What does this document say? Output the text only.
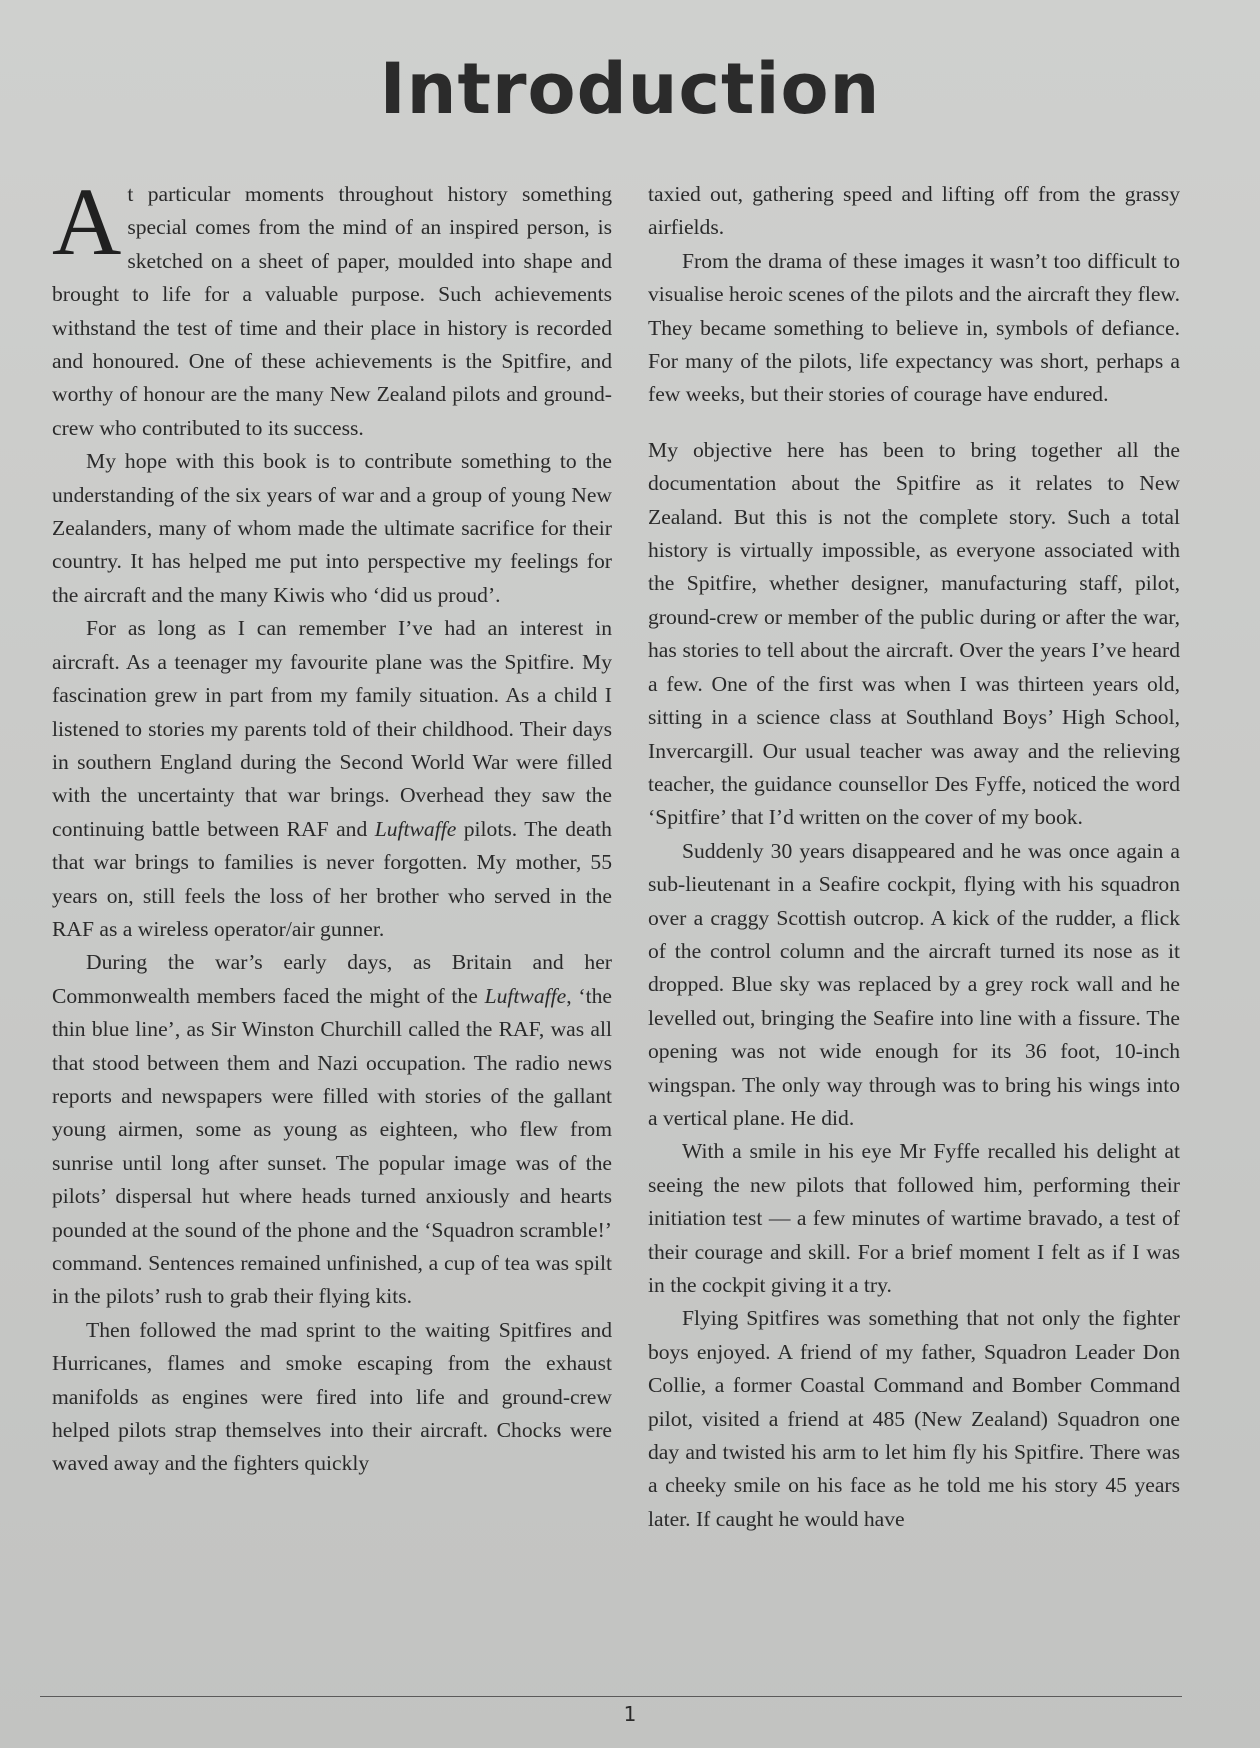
Introduction

At particular moments throughout history something special comes from the mind of an inspired person, is sketched on a sheet of paper, moulded into shape and brought to life for a valuable purpose. Such achievements withstand the test of time and their place in history is recorded and honoured. One of these achievements is the Spitfire, and worthy of honour are the many New Zealand pilots and ground-crew who contributed to its success.

My hope with this book is to contribute something to the understanding of the six years of war and a group of young New Zealanders, many of whom made the ultimate sacrifice for their country. It has helped me put into perspective my feelings for the aircraft and the many Kiwis who ‘did us proud’.

For as long as I can remember I’ve had an interest in aircraft. As a teenager my favourite plane was the Spitfire. My fascination grew in part from my family situation. As a child I listened to stories my parents told of their childhood. Their days in southern England during the Second World War were filled with the uncertainty that war brings. Overhead they saw the continuing battle between RAF and Luftwaffe pilots. The death that war brings to families is never forgotten. My mother, 55 years on, still feels the loss of her brother who served in the RAF as a wireless operator/air gunner.

During the war’s early days, as Britain and her Commonwealth members faced the might of the Luftwaffe, ‘the thin blue line’, as Sir Winston Churchill called the RAF, was all that stood between them and Nazi occupation. The radio news reports and newspapers were filled with stories of the gallant young airmen, some as young as eighteen, who flew from sunrise until long after sunset. The popular image was of the pilots’ dispersal hut where heads turned anxiously and hearts pounded at the sound of the phone and the ‘Squadron scramble!’ command. Sentences remained unfinished, a cup of tea was spilt in the pilots’ rush to grab their flying kits.

Then followed the mad sprint to the waiting Spitfires and Hurricanes, flames and smoke escaping from the exhaust manifolds as engines were fired into life and ground-crew helped pilots strap themselves into their aircraft. Chocks were waved away and the fighters quickly

taxied out, gathering speed and lifting off from the grassy airfields.

From the drama of these images it wasn’t too difficult to visualise heroic scenes of the pilots and the aircraft they flew. They became something to believe in, symbols of defiance. For many of the pilots, life expectancy was short, perhaps a few weeks, but their stories of courage have endured.

My objective here has been to bring together all the documentation about the Spitfire as it relates to New Zealand. But this is not the complete story. Such a total history is virtually impossible, as everyone associated with the Spitfire, whether designer, manufacturing staff, pilot, ground-crew or member of the public during or after the war, has stories to tell about the aircraft. Over the years I’ve heard a few. One of the first was when I was thirteen years old, sitting in a science class at Southland Boys’ High School, Invercargill. Our usual teacher was away and the relieving teacher, the guidance counsellor Des Fyffe, noticed the word ‘Spitfire’ that I’d written on the cover of my book.

Suddenly 30 years disappeared and he was once again a sub-lieutenant in a Seafire cockpit, flying with his squadron over a craggy Scottish outcrop. A kick of the rudder, a flick of the control column and the aircraft turned its nose as it dropped. Blue sky was replaced by a grey rock wall and he levelled out, bringing the Seafire into line with a fissure. The opening was not wide enough for its 36 foot, 10-inch wingspan. The only way through was to bring his wings into a vertical plane. He did.

With a smile in his eye Mr Fyffe recalled his delight at seeing the new pilots that followed him, performing their initiation test — a few minutes of wartime bravado, a test of their courage and skill. For a brief moment I felt as if I was in the cockpit giving it a try.

Flying Spitfires was something that not only the fighter boys enjoyed. A friend of my father, Squadron Leader Don Collie, a former Coastal Command and Bomber Command pilot, visited a friend at 485 (New Zealand) Squadron one day and twisted his arm to let him fly his Spitfire. There was a cheeky smile on his face as he told me his story 45 years later. If caught he would have

1
